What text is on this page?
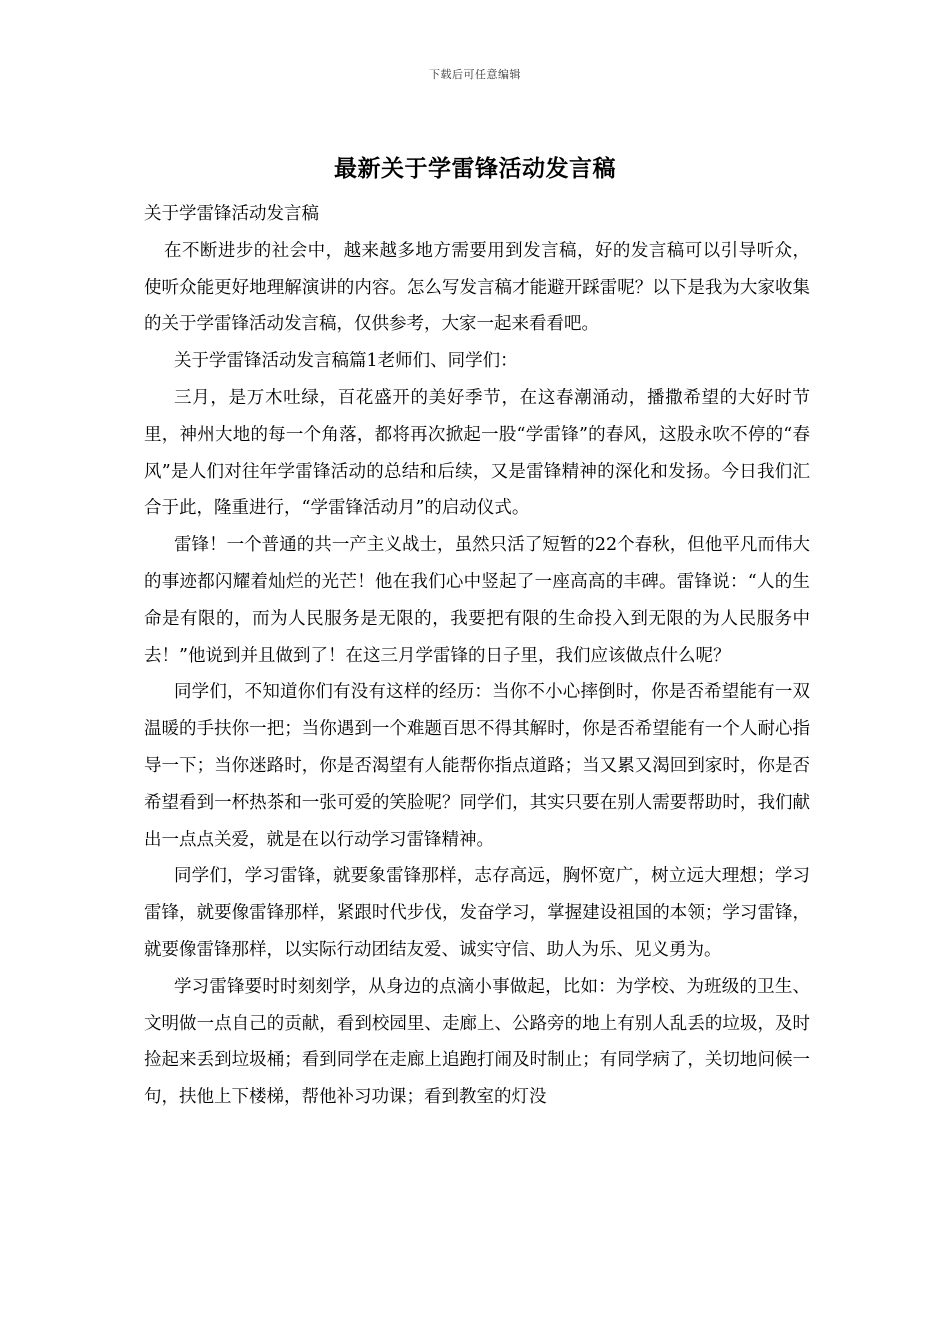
下载后可任意编辑
最新关于学雷锋活动发言稿

关于学雷锋活动发言稿

在不断进步的社会中，越来越多地方需要用到发言稿，好的发言稿可以引导听众，使听众能更好地理解演讲的内容。怎么写发言稿才能避开踩雷呢？以下是我为大家收集的关于学雷锋活动发言稿，仅供参考，大家一起来看看吧。

关于学雷锋活动发言稿篇1老师们、同学们：

三月，是万木吐绿，百花盛开的美好季节，在这春潮涌动，播撒希望的大好时节里，神州大地的每一个角落，都将再次掀起一股“学雷锋”的春风，这股永吹不停的“春风”是人们对往年学雷锋活动的总结和后续，又是雷锋精神的深化和发扬。今日我们汇合于此，隆重进行，“学雷锋活动月”的启动仪式。

雷锋！一个普通的共一产主义战士，虽然只活了短暂的22个春秋，但他平凡而伟大的事迹都闪耀着灿烂的光芒！他在我们心中竖起了一座高高的丰碑。雷锋说：“人的生命是有限的，而为人民服务是无限的，我要把有限的生命投入到无限的为人民服务中去！”他说到并且做到了！在这三月学雷锋的日子里，我们应该做点什么呢？

同学们，不知道你们有没有这样的经历：当你不小心摔倒时，你是否希望能有一双温暖的手扶你一把；当你遇到一个难题百思不得其解时，你是否希望能有一个人耐心指导一下；当你迷路时，你是否渴望有人能帮你指点道路；当又累又渴回到家时，你是否希望看到一杯热茶和一张可爱的笑脸呢？同学们，其实只要在别人需要帮助时，我们献出一点点关爱，就是在以行动学习雷锋精神。

同学们，学习雷锋，就要象雷锋那样，志存高远，胸怀宽广，树立远大理想；学习雷锋，就要像雷锋那样，紧跟时代步伐，发奋学习，掌握建设祖国的本领；学习雷锋，就要像雷锋那样，以实际行动团结友爱、诚实守信、助人为乐、见义勇为。

学习雷锋要时时刻刻学，从身边的点滴小事做起，比如：为学校、为班级的卫生、文明做一点自己的贡献，看到校园里、走廊上、公路旁的地上有别人乱丢的垃圾，及时捡起来丢到垃圾桶；看到同学在走廊上追跑打闹及时制止；有同学病了，关切地问候一句，扶他上下楼梯，帮他补习功课；看到教室的灯没
